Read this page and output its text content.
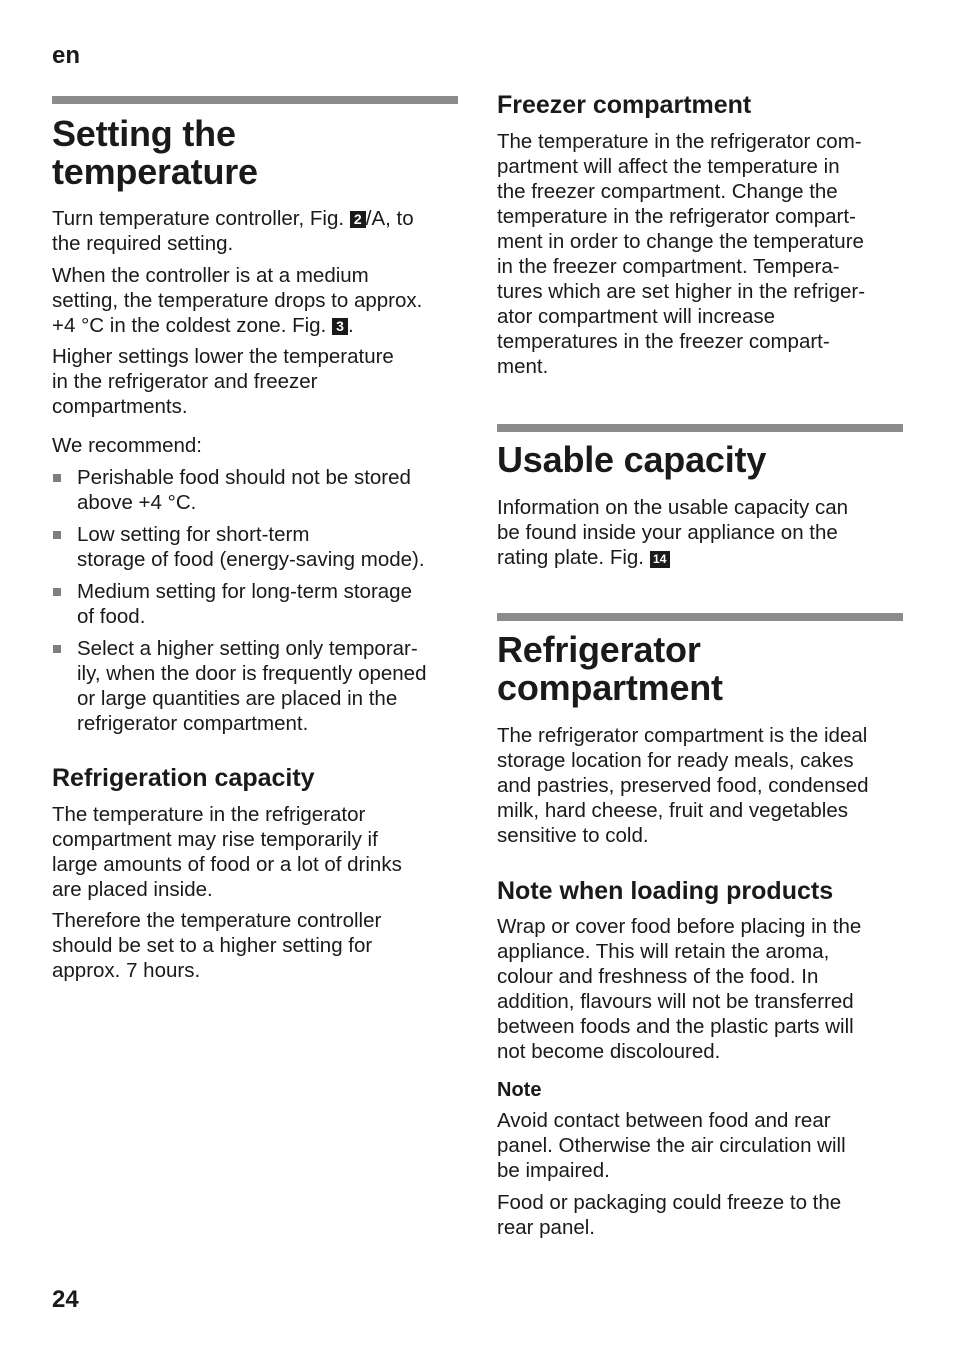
en
Setting the
temperature

Turn temperature controller, Fig. 2 /A, to
the required setting.

When the controller is at a medium
setting, the temperature drops to approx.
+4 °C in the coldest zone. Fig. 3 .

Higher settings lower the temperature
in the refrigerator and freezer
compartments.

We recommend:

Perishable food should not be stored
above +4 °C.
Low setting for short-term
storage of food (energy-saving mode).
Medium setting for long-term storage
of food.
Select a higher setting only temporar-
ily, when the door is frequently opened
or large quantities are placed in the
refrigerator compartment.
Refrigeration capacity

The temperature in the refrigerator
compartment may rise temporarily if
large amounts of food or a lot of drinks
are placed inside.

Therefore the temperature controller
should be set to a higher setting for
approx. 7 hours.

Freezer compartment

The temperature in the refrigerator com-
partment will affect the temperature in
the freezer compartment. Change the
temperature in the refrigerator compart-
ment in order to change the temperature
in the freezer compartment. Tempera-
tures which are set higher in the refriger-
ator compartment will increase
temperatures in the freezer compart-
ment.

Usable capacity

Information on the usable capacity can
be found inside your appliance on the
rating plate. Fig. 14

Refrigerator
compartment

The refrigerator compartment is the ideal
storage location for ready meals, cakes
and pastries, preserved food, condensed
milk, hard cheese, fruit and vegetables
sensitive to cold.

Note when loading products

Wrap or cover food before placing in the
appliance. This will retain the aroma,
colour and freshness of the food. In
addition, flavours will not be transferred
between foods and the plastic parts will
not become discoloured.

Note

Avoid contact between food and rear
panel. Otherwise the air circulation will
be impaired.

Food or packaging could freeze to the
rear panel.

24
